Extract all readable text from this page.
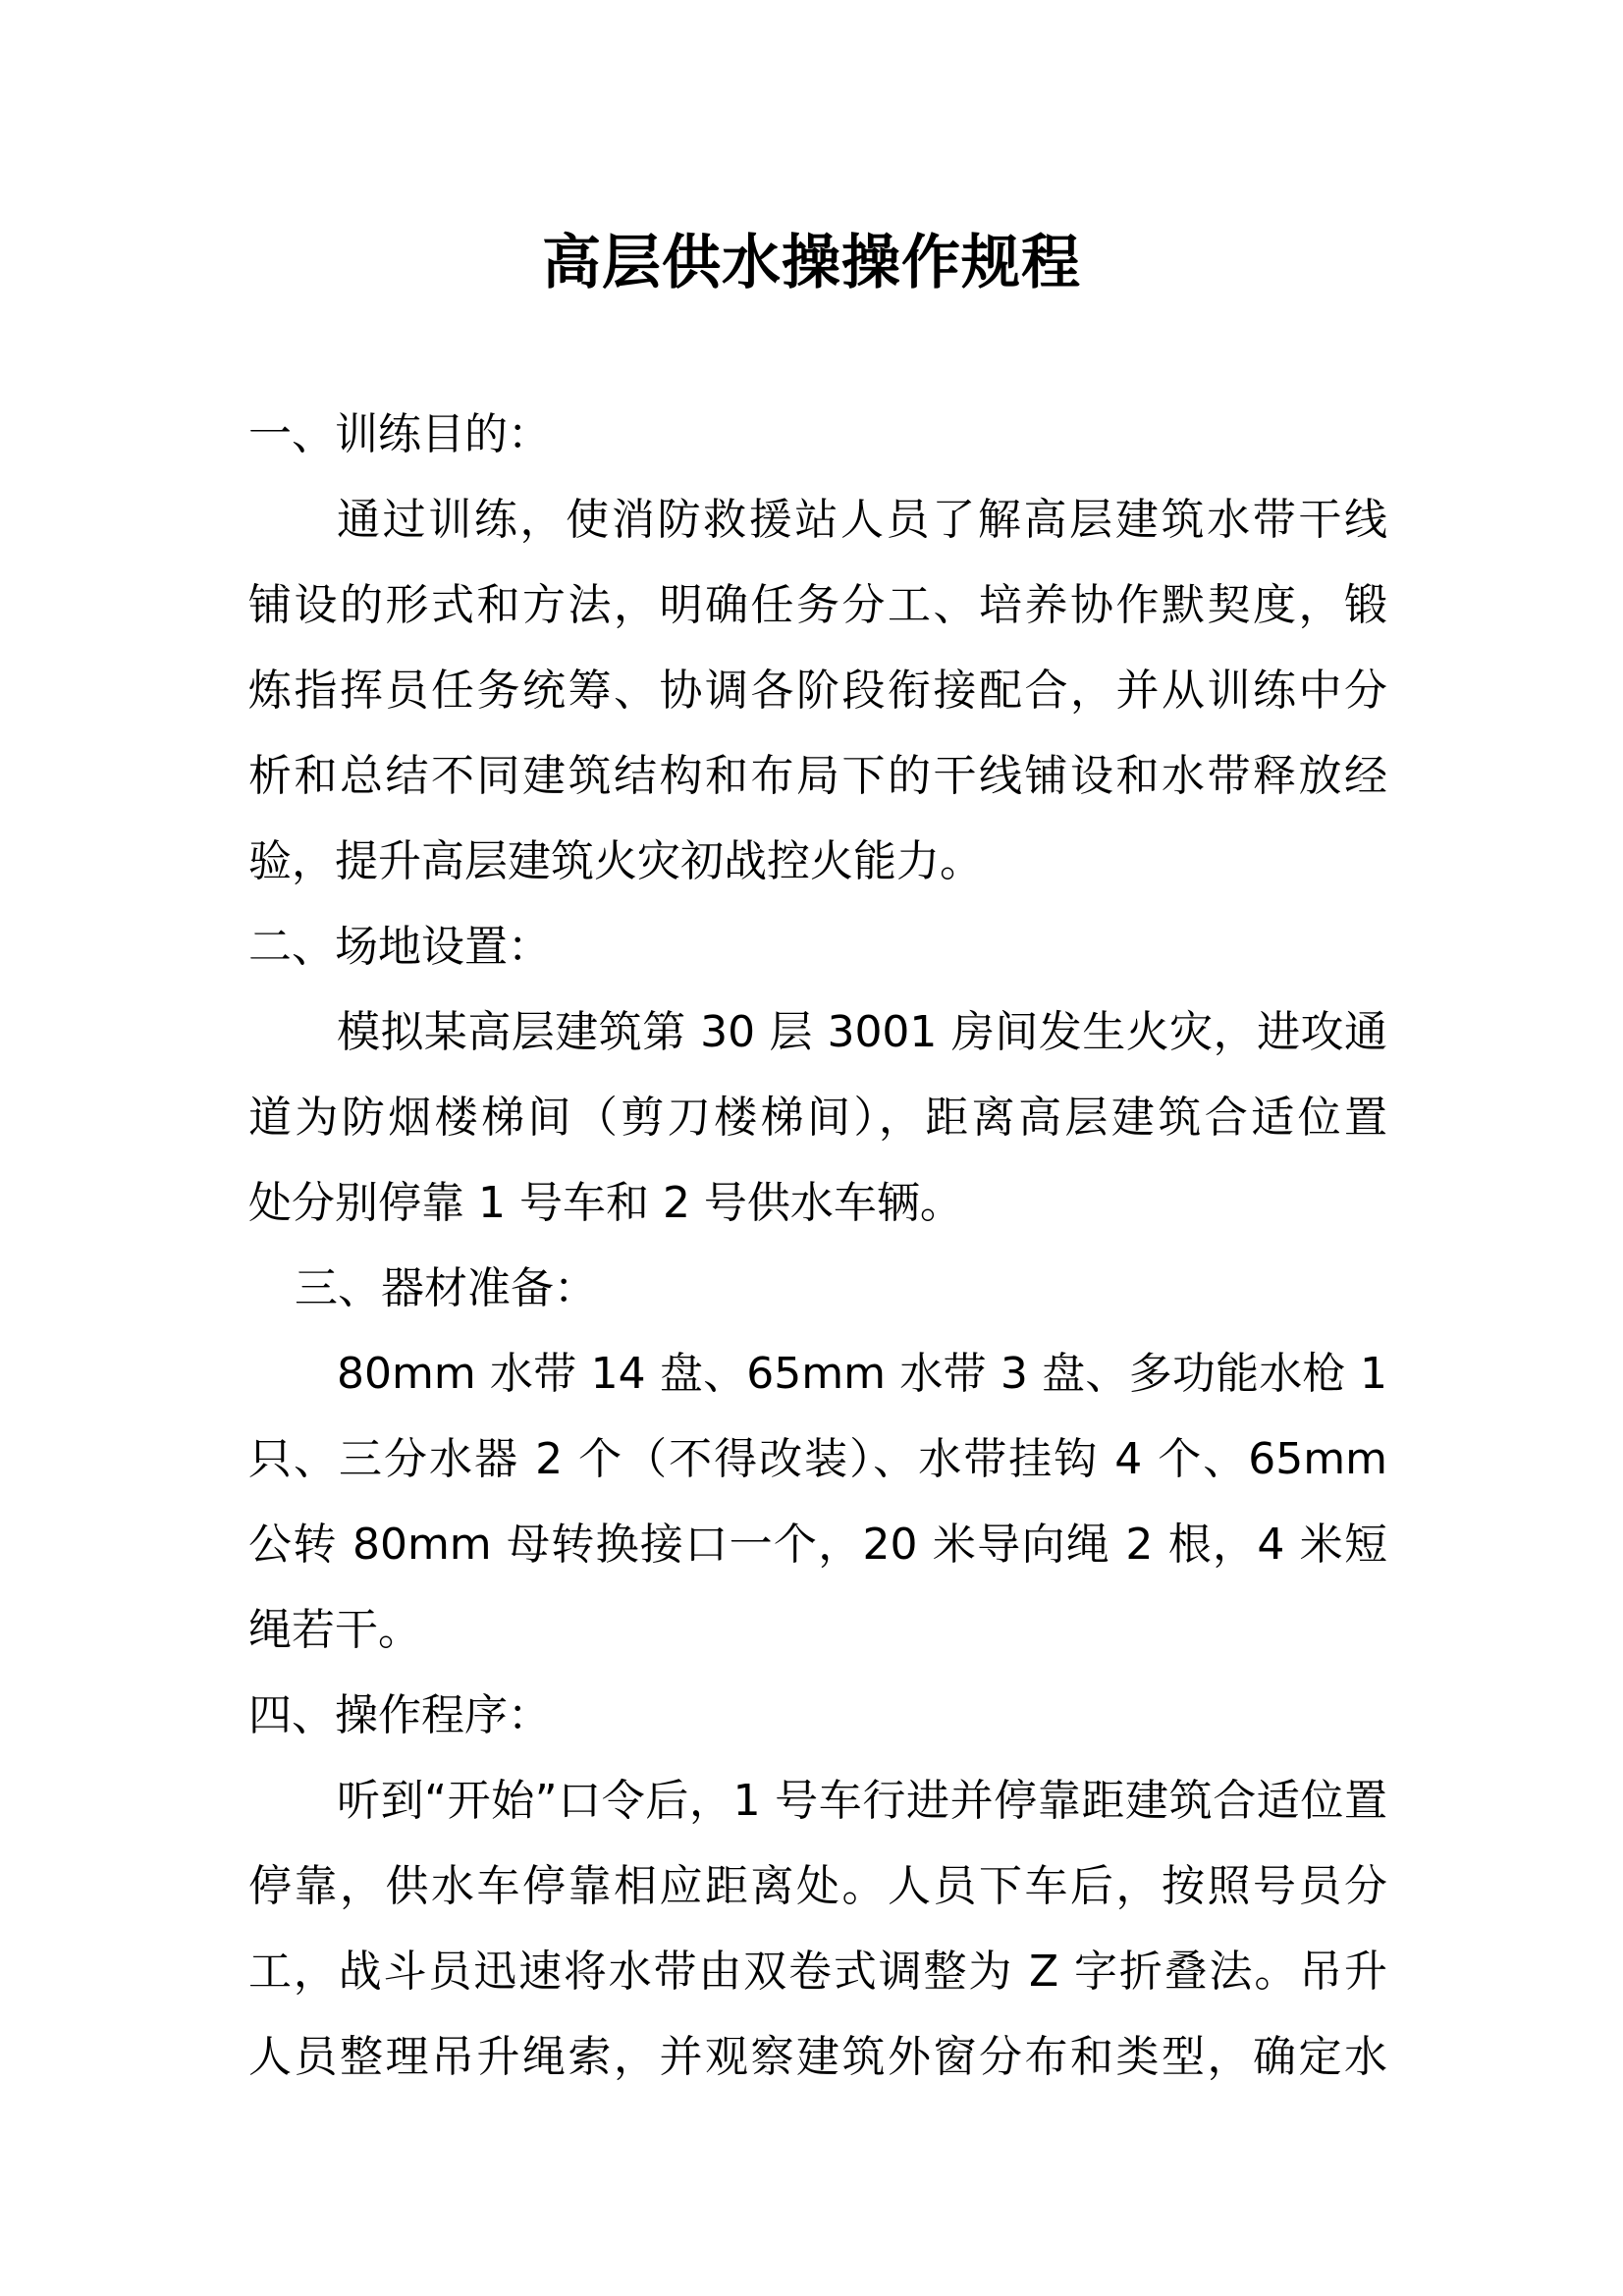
高层供水操操作规程
一、训练目的：
通过训练，使消防救援站人员了解高层建筑水带干线
铺设的形式和方法，明确任务分工、培养协作默契度，锻
炼指挥员任务统筹、协调各阶段衔接配合，并从训练中分
析和总结不同建筑结构和布局下的干线铺设和水带释放经
验，提升高层建筑火灾初战控火能力。
二、场地设置：
模拟某高层建筑第 30 层 3001 房间发生火灾，进攻通
道为防烟楼梯间（剪刀楼梯间），距离高层建筑合适位置
处分别停靠 1 号车和 2 号供水车辆。
三、器材准备：
80mm 水带 14 盘、65mm 水带 3 盘、多功能水枪 1
只、三分水器 2 个（不得改装）、水带挂钩 4 个、65mm
公转 80mm 母转换接口一个，20 米导向绳 2 根，4 米短
绳若干。
四、操作程序：
听到“开始”口令后，1 号车行进并停靠距建筑合适位置
停靠，供水车停靠相应距离处。人员下车后，按照号员分
工，战斗员迅速将水带由双卷式调整为 Z 字折叠法。吊升
人员整理吊升绳索，并观察建筑外窗分布和类型，确定水
